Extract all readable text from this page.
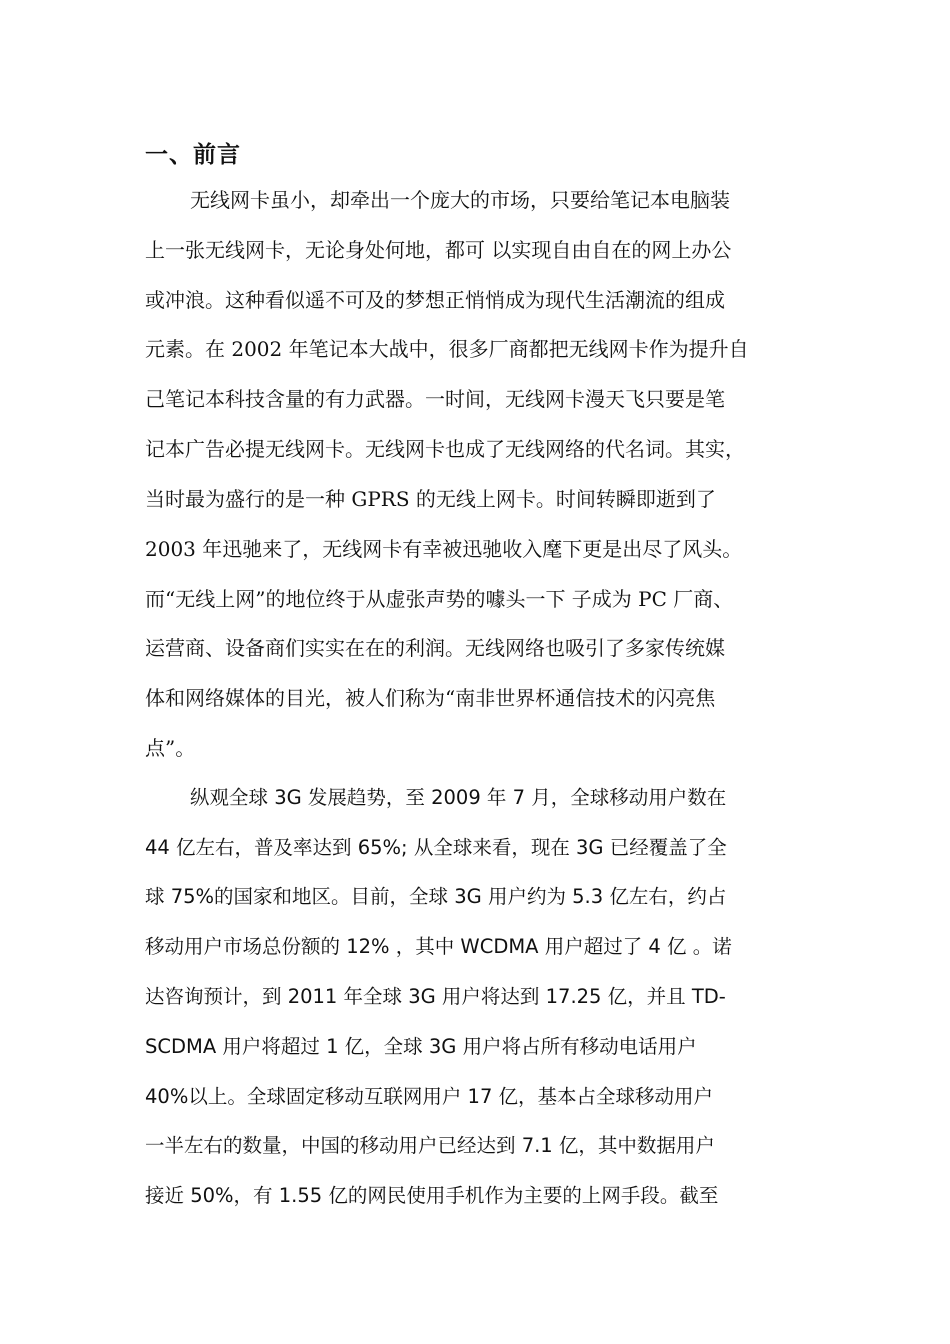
一、前言
无线网卡虽小，却牵出一个庞大的市场，只要给笔记本电脑装
上一张无线网卡，无论身处何地，都可 以实现自由自在的网上办公
或冲浪。这种看似遥不可及的梦想正悄悄成为现代生活潮流的组成
元素。在 2002 年笔记本大战中，很多厂商都把无线网卡作为提升自
己笔记本科技含量的有力武器。一时间，无线网卡漫天飞只要是笔
记本广告必提无线网卡。无线网卡也成了无线网络的代名词。其实，
当时最为盛行的是一种 GPRS 的无线上网卡。时间转瞬即逝到了
2003 年迅驰来了，无线网卡有幸被迅驰收入麾下更是出尽了风头。
而“无线上网”的地位终于从虚张声势的噱头一下 子成为 PC 厂商、
运营商、设备商们实实在在的利润。无线网络也吸引了多家传统媒
体和网络媒体的目光，被人们称为“南非世界杯通信技术的闪亮焦
点”。
纵观全球 3G 发展趋势，至 2009 年 7 月，全球移动用户数在
44 亿左右，普及率达到 65%; 从全球来看，现在 3G 已经覆盖了全
球 75%的国家和地区。目前，全球 3G 用户约为 5.3 亿左右，约占
移动用户市场总份额的 12% ，其中 WCDMA 用户超过了 4 亿 。诺
达咨询预计，到 2011 年全球 3G 用户将达到 17.25 亿，并且 TD-
SCDMA 用户将超过 1 亿，全球 3G 用户将占所有移动电话用户
40%以上。全球固定移动互联网用户 17 亿，基本占全球移动用户
一半左右的数量，中国的移动用户已经达到 7.1 亿，其中数据用户
接近 50%，有 1.55 亿的网民使用手机作为主要的上网手段。截至
